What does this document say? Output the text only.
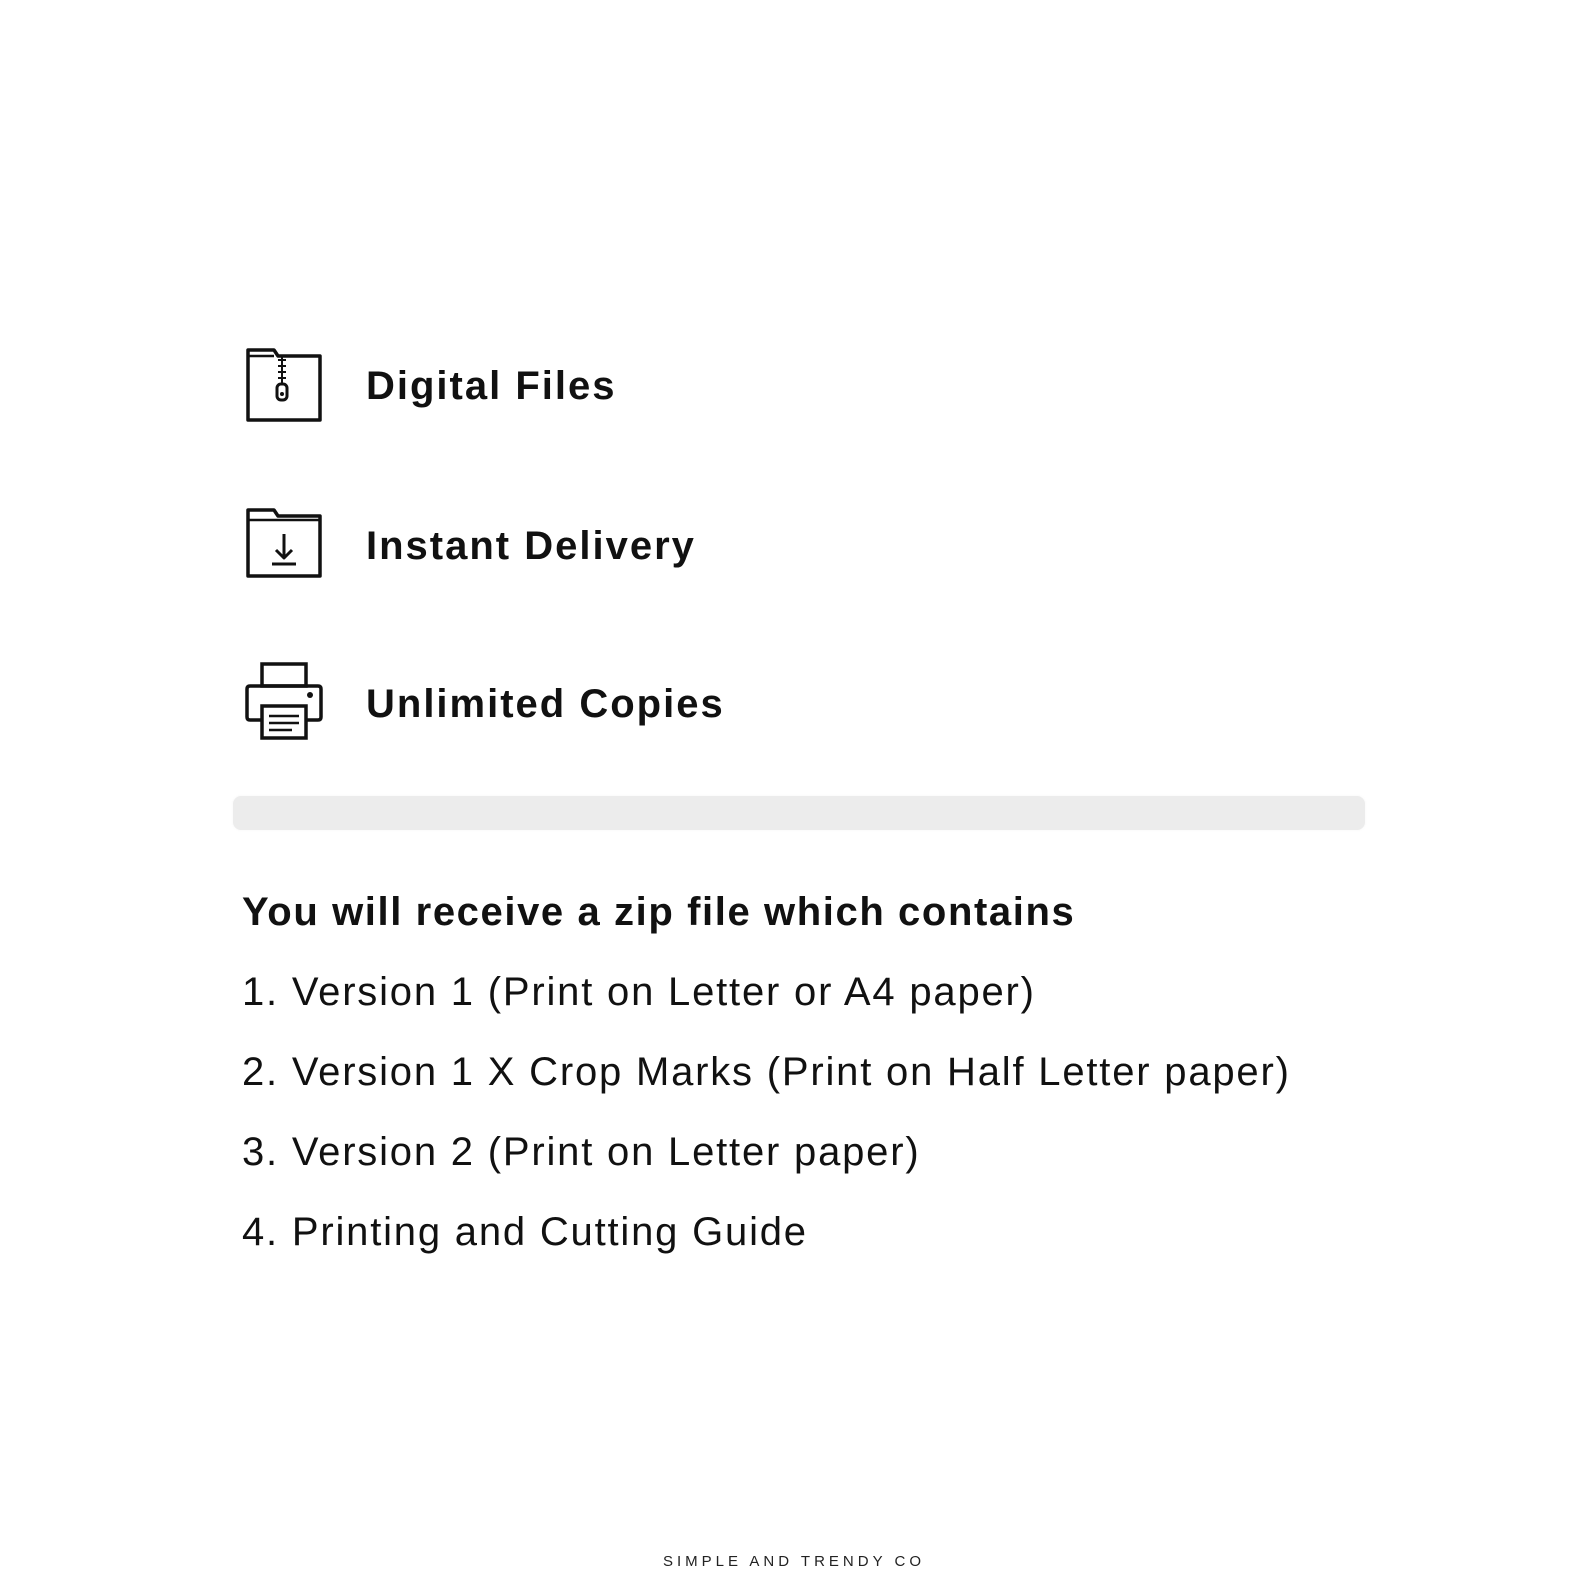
Digital Files
Instant Delivery
Unlimited Copies
You will receive a zip file which contains
1. Version 1 (Print on Letter or A4 paper)
2. Version 1 X Crop Marks (Print on Half Letter paper)
3. Version 2 (Print on Letter paper)
4. Printing and Cutting Guide
SIMPLE AND TRENDY CO
